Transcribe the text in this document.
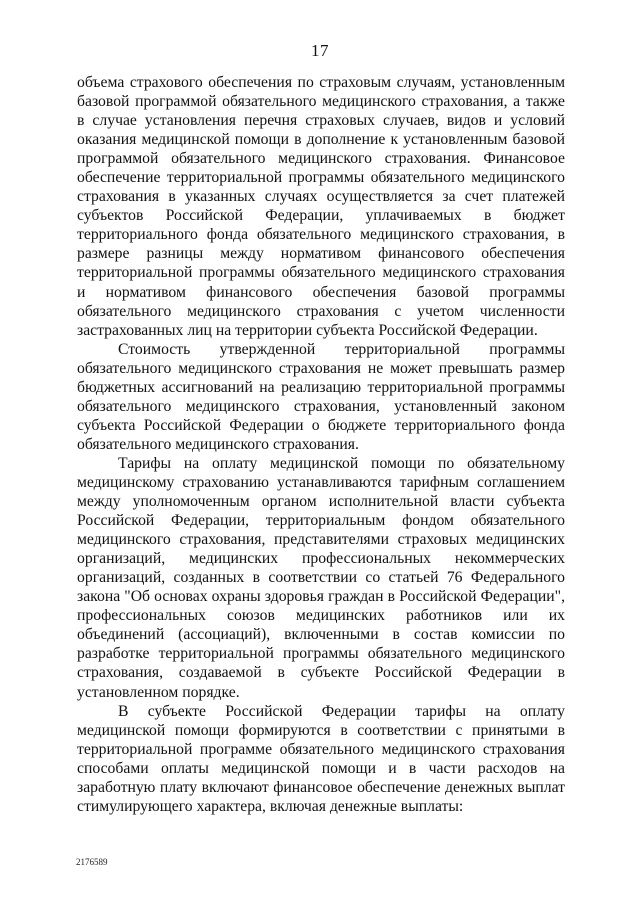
17

объема страхового обеспечения по страховым случаям, установленным базовой программой обязательного медицинского страхования, а также в случае установления перечня страховых случаев, видов и условий оказания медицинской помощи в дополнение к установленным базовой программой обязательного медицинского страхования. Финансовое обеспечение территориальной программы обязательного медицинского страхования в указанных случаях осуществляется за счет платежей субъектов Российской Федерации, уплачиваемых в бюджет территориального фонда обязательного медицинского страхования, в размере разницы между нормативом финансового обеспечения территориальной программы обязательного медицинского страхования и нормативом финансового обеспечения базовой программы обязательного медицинского страхования с учетом численности застрахованных лиц на территории субъекта Российской Федерации.

Стоимость утвержденной территориальной программы обязательного медицинского страхования не может превышать размер бюджетных ассигнований на реализацию территориальной программы обязательного медицинского страхования, установленный законом субъекта Российской Федерации о бюджете территориального фонда обязательного медицинского страхования.

Тарифы на оплату медицинской помощи по обязательному медицинскому страхованию устанавливаются тарифным соглашением между уполномоченным органом исполнительной власти субъекта Российской Федерации, территориальным фондом обязательного медицинского страхования, представителями страховых медицинских организаций, медицинских профессиональных некоммерческих организаций, созданных в соответствии со статьей 76 Федерального закона "Об основах охраны здоровья граждан в Российской Федерации", профессиональных союзов медицинских работников или их объединений (ассоциаций), включенными в состав комиссии по разработке территориальной программы обязательного медицинского страхования, создаваемой в субъекте Российской Федерации в установленном порядке.

В субъекте Российской Федерации тарифы на оплату медицинской помощи формируются в соответствии с принятыми в территориальной программе обязательного медицинского страхования способами оплаты медицинской помощи и в части расходов на заработную плату включают финансовое обеспечение денежных выплат стимулирующего характера, включая денежные выплаты:

2176589
